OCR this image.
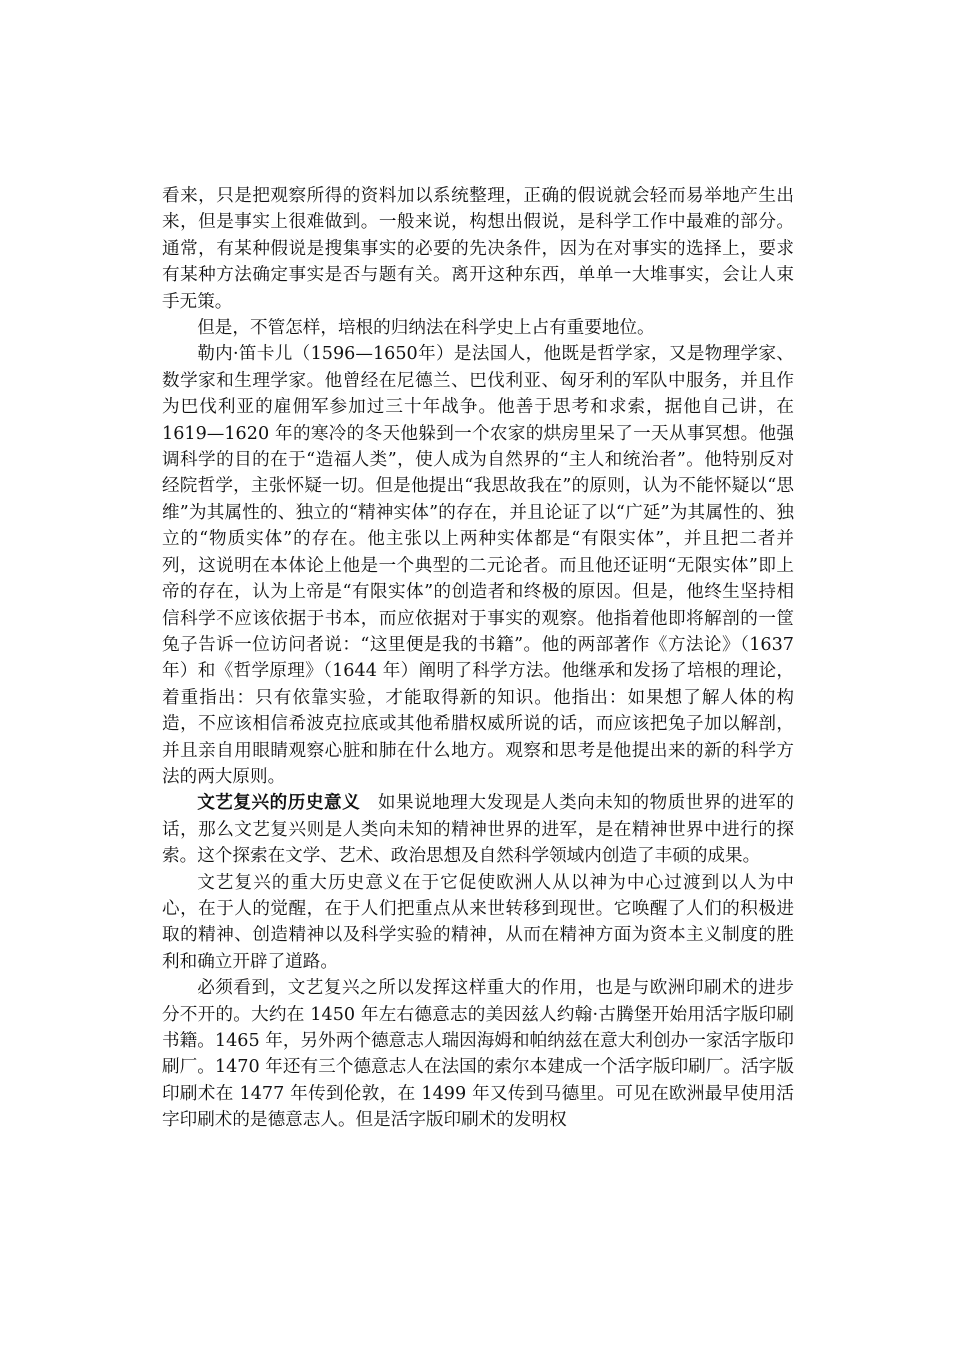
看来，只是把观察所得的资料加以系统整理，正确的假说就会轻而易举地产生出来，但是事实上很难做到。一般来说，构想出假说，是科学工作中最难的部分。通常，有某种假说是搜集事实的必要的先决条件，因为在对事实的选择上，要求有某种方法确定事实是否与题有关。离开这种东西，单单一大堆事实，会让人束手无策。

但是，不管怎样，培根的归纳法在科学史上占有重要地位。

勒内·笛卡儿（1596—1650年）是法国人，他既是哲学家，又是物理学家、数学家和生理学家。他曾经在尼德兰、巴伐利亚、匈牙利的军队中服务，并且作为巴伐利亚的雇佣军参加过三十年战争。他善于思考和求索，据他自己讲，在 1619—1620 年的寒冷的冬天他躲到一个农家的烘房里呆了一天从事冥想。他强调科学的目的在于“造福人类”，使人成为自然界的“主人和统治者”。他特别反对经院哲学，主张怀疑一切。但是他提出“我思故我在”的原则，认为不能怀疑以“思维”为其属性的、独立的“精神实体”的存在，并且论证了以“广延”为其属性的、独立的“物质实体”的存在。他主张以上两种实体都是“有限实体”，并且把二者并列，这说明在本体论上他是一个典型的二元论者。而且他还证明“无限实体”即上帝的存在，认为上帝是“有限实体”的创造者和终极的原因。但是，他终生坚持相信科学不应该依据于书本，而应依据对于事实的观察。他指着他即将解剖的一筐兔子告诉一位访问者说：“这里便是我的书籍”。他的两部著作《方法论》（1637 年）和《哲学原理》（1644 年）阐明了科学方法。他继承和发扬了培根的理论，着重指出：只有依靠实验，才能取得新的知识。他指出：如果想了解人体的构造，不应该相信希波克拉底或其他希腊权威所说的话，而应该把兔子加以解剖，并且亲自用眼睛观察心脏和肺在什么地方。观察和思考是他提出来的新的科学方法的两大原则。

文艺复兴的历史意义 如果说地理大发现是人类向未知的物质世界的进军的话，那么文艺复兴则是人类向未知的精神世界的进军，是在精神世界中进行的探索。这个探索在文学、艺术、政治思想及自然科学领域内创造了丰硕的成果。

文艺复兴的重大历史意义在于它促使欧洲人从以神为中心过渡到以人为中心，在于人的觉醒，在于人们把重点从来世转移到现世。它唤醒了人们的积极进取的精神、创造精神以及科学实验的精神，从而在精神方面为资本主义制度的胜利和确立开辟了道路。

必须看到，文艺复兴之所以发挥这样重大的作用，也是与欧洲印刷术的进步分不开的。大约在 1450 年左右德意志的美因兹人约翰·古腾堡开始用活字版印刷书籍。1465 年，另外两个德意志人瑞因海姆和帕纳兹在意大利创办一家活字版印刷厂。1470 年还有三个德意志人在法国的索尔本建成一个活字版印刷厂。活字版印刷术在 1477 年传到伦敦，在 1499 年又传到马德里。可见在欧洲最早使用活字印刷术的是德意志人。但是活字版印刷术的发明权
